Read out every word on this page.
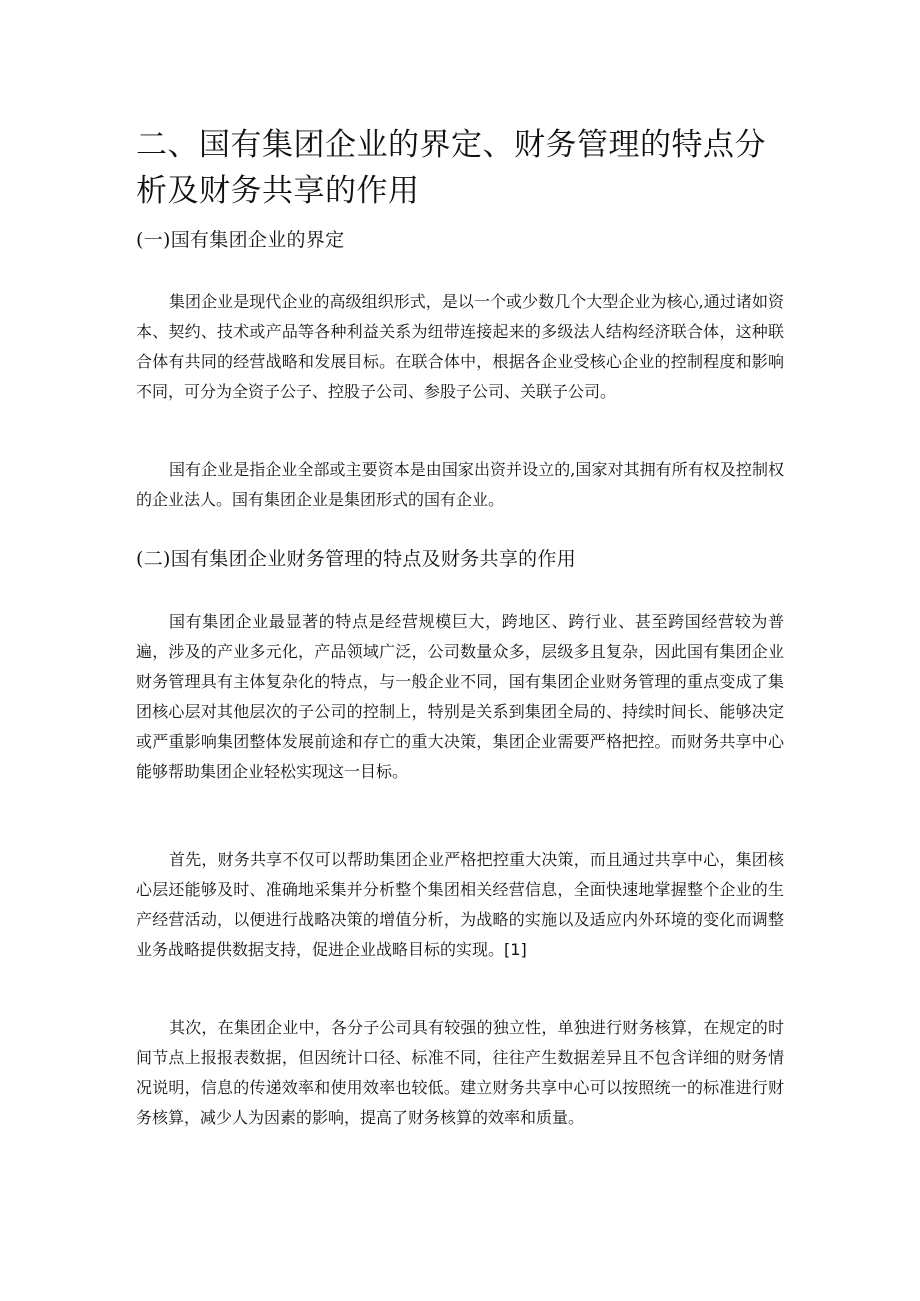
二、国有集团企业的界定、财务管理的特点分析及财务共享的作用
(一)国有集团企业的界定

集团企业是现代企业的高级组织形式，是以一个或少数几个大型企业为核心,通过诸如资本、契约、技术或产品等各种利益关系为纽带连接起来的多级法人结构经济联合体，这种联合体有共同的经营战略和发展目标。在联合体中，根据各企业受核心企业的控制程度和影响不同，可分为全资子公子、控股子公司、参股子公司、关联子公司。

国有企业是指企业全部或主要资本是由国家出资并设立的,国家对其拥有所有权及控制权的企业法人。国有集团企业是集团形式的国有企业。

(二)国有集团企业财务管理的特点及财务共享的作用

国有集团企业最显著的特点是经营规模巨大，跨地区、跨行业、甚至跨国经营较为普遍，涉及的产业多元化，产品领域广泛，公司数量众多，层级多且复杂，因此国有集团企业财务管理具有主体复杂化的特点，与一般企业不同，国有集团企业财务管理的重点变成了集团核心层对其他层次的子公司的控制上，特别是关系到集团全局的、持续时间长、能够决定或严重影响集团整体发展前途和存亡的重大决策，集团企业需要严格把控。而财务共享中心能够帮助集团企业轻松实现这一目标。

首先，财务共享不仅可以帮助集团企业严格把控重大决策，而且通过共享中心，集团核心层还能够及时、准确地采集并分析整个集团相关经营信息，全面快速地掌握整个企业的生产经营活动，以便进行战略决策的增值分析，为战略的实施以及适应内外环境的变化而调整业务战略提供数据支持，促进企业战略目标的实现。[1]

其次，在集团企业中，各分子公司具有较强的独立性，单独进行财务核算，在规定的时间节点上报报表数据，但因统计口径、标准不同，往往产生数据差异且不包含详细的财务情况说明，信息的传递效率和使用效率也较低。建立财务共享中心可以按照统一的标准进行财务核算，减少人为因素的影响，提高了财务核算的效率和质量。
